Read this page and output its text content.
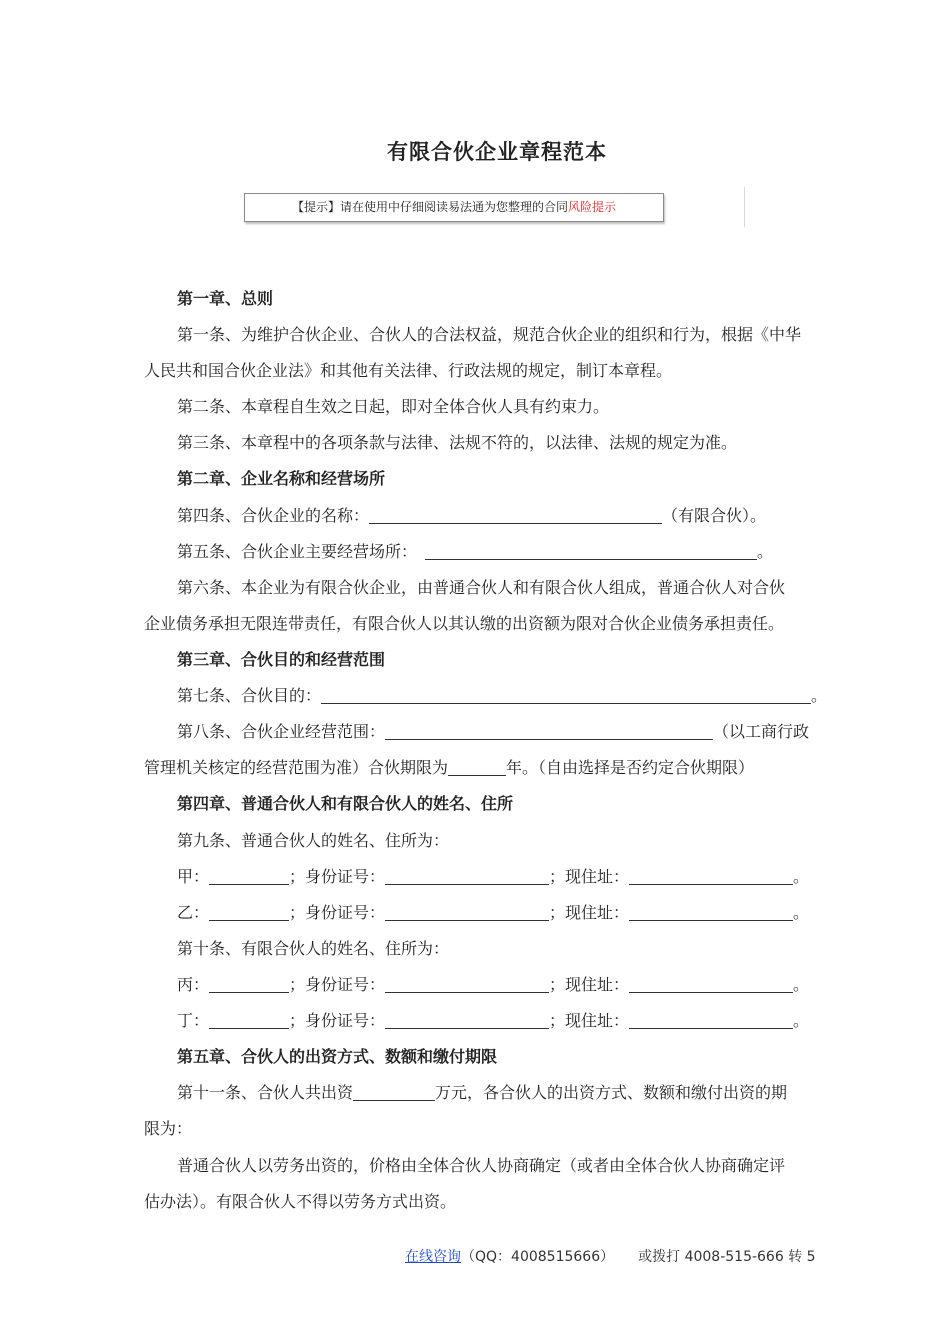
有限合伙企业章程范本
【提示】请在使用中仔细阅读易法通为您整理的合同风险提示
第一章、总则
第一条、为维护合伙企业、合伙人的合法权益，规范合伙企业的组织和行为，根据《中华
人民共和国合伙企业法》和其他有关法律、行政法规的规定，制订本章程。
第二条、本章程自生效之日起，即对全体合伙人具有约束力。
第三条、本章程中的各项条款与法律、法规不符的，以法律、法规的规定为准。
第二章、企业名称和经营场所
第四条、合伙企业的名称：	（有限合伙）。
第五条、合伙企业主要经营场所：	。
第六条、本企业为有限合伙企业，由普通合伙人和有限合伙人组成，普通合伙人对合伙
企业债务承担无限连带责任，有限合伙人以其认缴的出资额为限对合伙企业债务承担责任。
第三章、合伙目的和经营范围
第七条、合伙目的：	。
第八条、合伙企业经营范围：	（以工商行政
管理机关核定的经营范围为准）合伙期限为	年。（自由选择是否约定合伙期限）
第四章、普通合伙人和有限合伙人的姓名、住所
第九条、普通合伙人的姓名、住所为：
甲：	；身份证号：	；现住址：	。
乙：	；身份证号：	；现住址：	。
第十条、有限合伙人的姓名、住所为：
丙：	；身份证号：	；现住址：	。
丁：	；身份证号：	；现住址：	。
第五章、合伙人的出资方式、数额和缴付期限
第十一条、合伙人共出资	万元，各合伙人的出资方式、数额和缴付出资的期
限为：
普通合伙人以劳务出资的，价格由全体合伙人协商确定（或者由全体合伙人协商确定评
估办法）。有限合伙人不得以劳务方式出资。
在线咨询（QQ：4008515666） 或拨打 4008-515-666 转 5
